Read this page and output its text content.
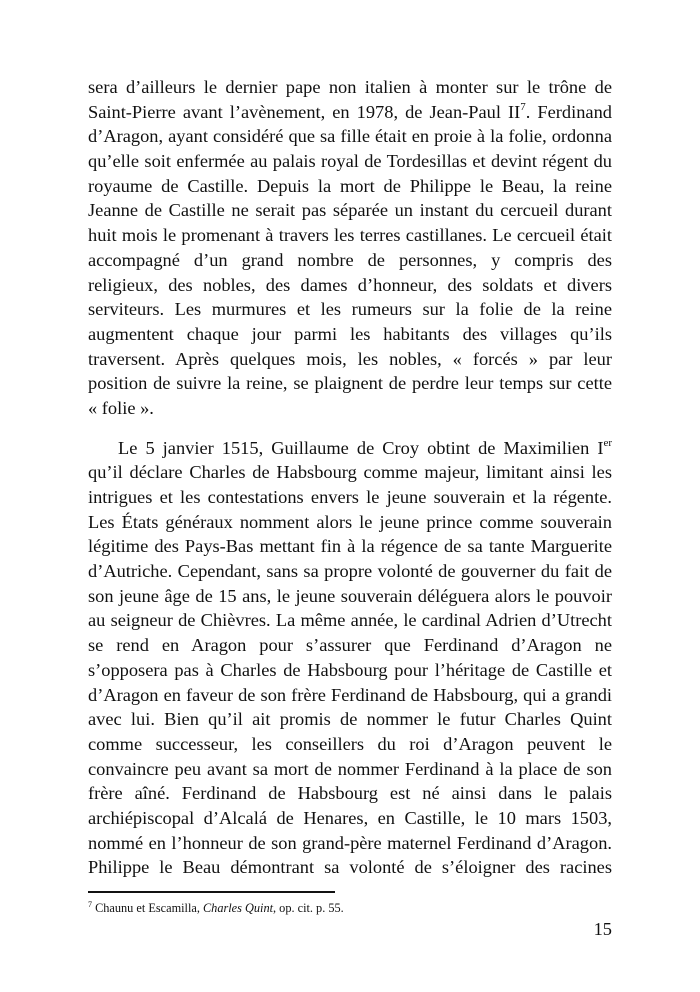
sera d’ailleurs le dernier pape non italien à monter sur le trône de
Saint-Pierre avant l’avènement, en 1978, de Jean-Paul $II^7$. Ferdinand
d’Aragon, ayant considéré que sa fille était en proie à la folie, ordonna
qu’elle soit enfermée au palais royal de Tordesillas et devint régent du
royaume de Castille. Depuis la mort de Philippe le Beau, la reine
Jeanne de Castille ne serait pas séparée un instant du cercueil durant
huit mois le promenant à travers les terres castillanes. Le cercueil était
accompagné d’un grand nombre de personnes, y compris des
religieux, des nobles, des dames d’honneur, des soldats et divers
serviteurs. Les murmures et les rumeurs sur la folie de la reine
augmentent chaque jour parmi les habitants des villages qu’ils
traversent. Après quelques mois, les nobles, « forcés » par leur
position de suivre la reine, se plaignent de perdre leur temps sur cette
« folie ».
Le 5 janvier 1515, Guillaume de Croy obtint de Maximilien Ier
qu’il déclare Charles de Habsbourg comme majeur, limitant ainsi les
intrigues et les contestations envers le jeune souverain et la régente.
Les États généraux nomment alors le jeune prince comme souverain
légitime des Pays-Bas mettant fin à la régence de sa tante Marguerite
d’Autriche. Cependant, sans sa propre volonté de gouverner du fait de
son jeune âge de 15 ans, le jeune souverain déléguera alors le pouvoir
au seigneur de Chièvres. La même année, le cardinal Adrien d’Utrecht
se rend en Aragon pour s’assurer que Ferdinand d’Aragon ne
s’opposera pas à Charles de Habsbourg pour l’héritage de Castille et
d’Aragon en faveur de son frère Ferdinand de Habsbourg, qui a grandi
avec lui. Bien qu’il ait promis de nommer le futur Charles Quint
comme successeur, les conseillers du roi d’Aragon peuvent le
convaincre peu avant sa mort de nommer Ferdinand à la place de son
frère aîné. Ferdinand de Habsbourg est né ainsi dans le palais
archiépiscopal d’Alcalá de Henares, en Castille, le 10 mars 1503,
nommé en l’honneur de son grand-père maternel Ferdinand d’Aragon.
Philippe le Beau démontrant sa volonté de s’éloigner des racines
$^7$ Chaunu et Escamilla, Charles Quint, op. cit. p. 55.
15
